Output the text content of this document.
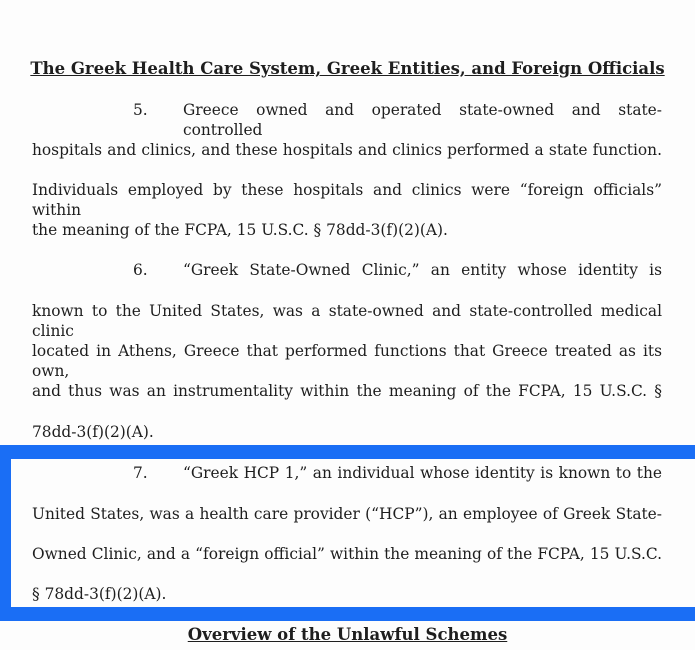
The Greek Health Care System, Greek Entities, and Foreign Officials
5.	Greece owned and operated state-owned and state-controlled
hospitals and clinics, and these hospitals and clinics performed a state function.
Individuals employed by these hospitals and clinics were “foreign officials” within
the meaning of the FCPA, 15 U.S.C. § 78dd-3(f)(2)(A).
6.	“Greek State-Owned Clinic,” an entity whose identity is
known to the United States, was a state-owned and state-controlled medical clinic
located in Athens, Greece that performed functions that Greece treated as its own,
and thus was an instrumentality within the meaning of the FCPA, 15 U.S.C. §
78dd-3(f)(2)(A).
7.	“Greek HCP 1,” an individual whose identity is known to the
United States, was a health care provider (“HCP”), an employee of Greek State-
Owned Clinic, and a “foreign official” within the meaning of the FCPA, 15 U.S.C.
§ 78dd-3(f)(2)(A).
Overview of the Unlawful Schemes
